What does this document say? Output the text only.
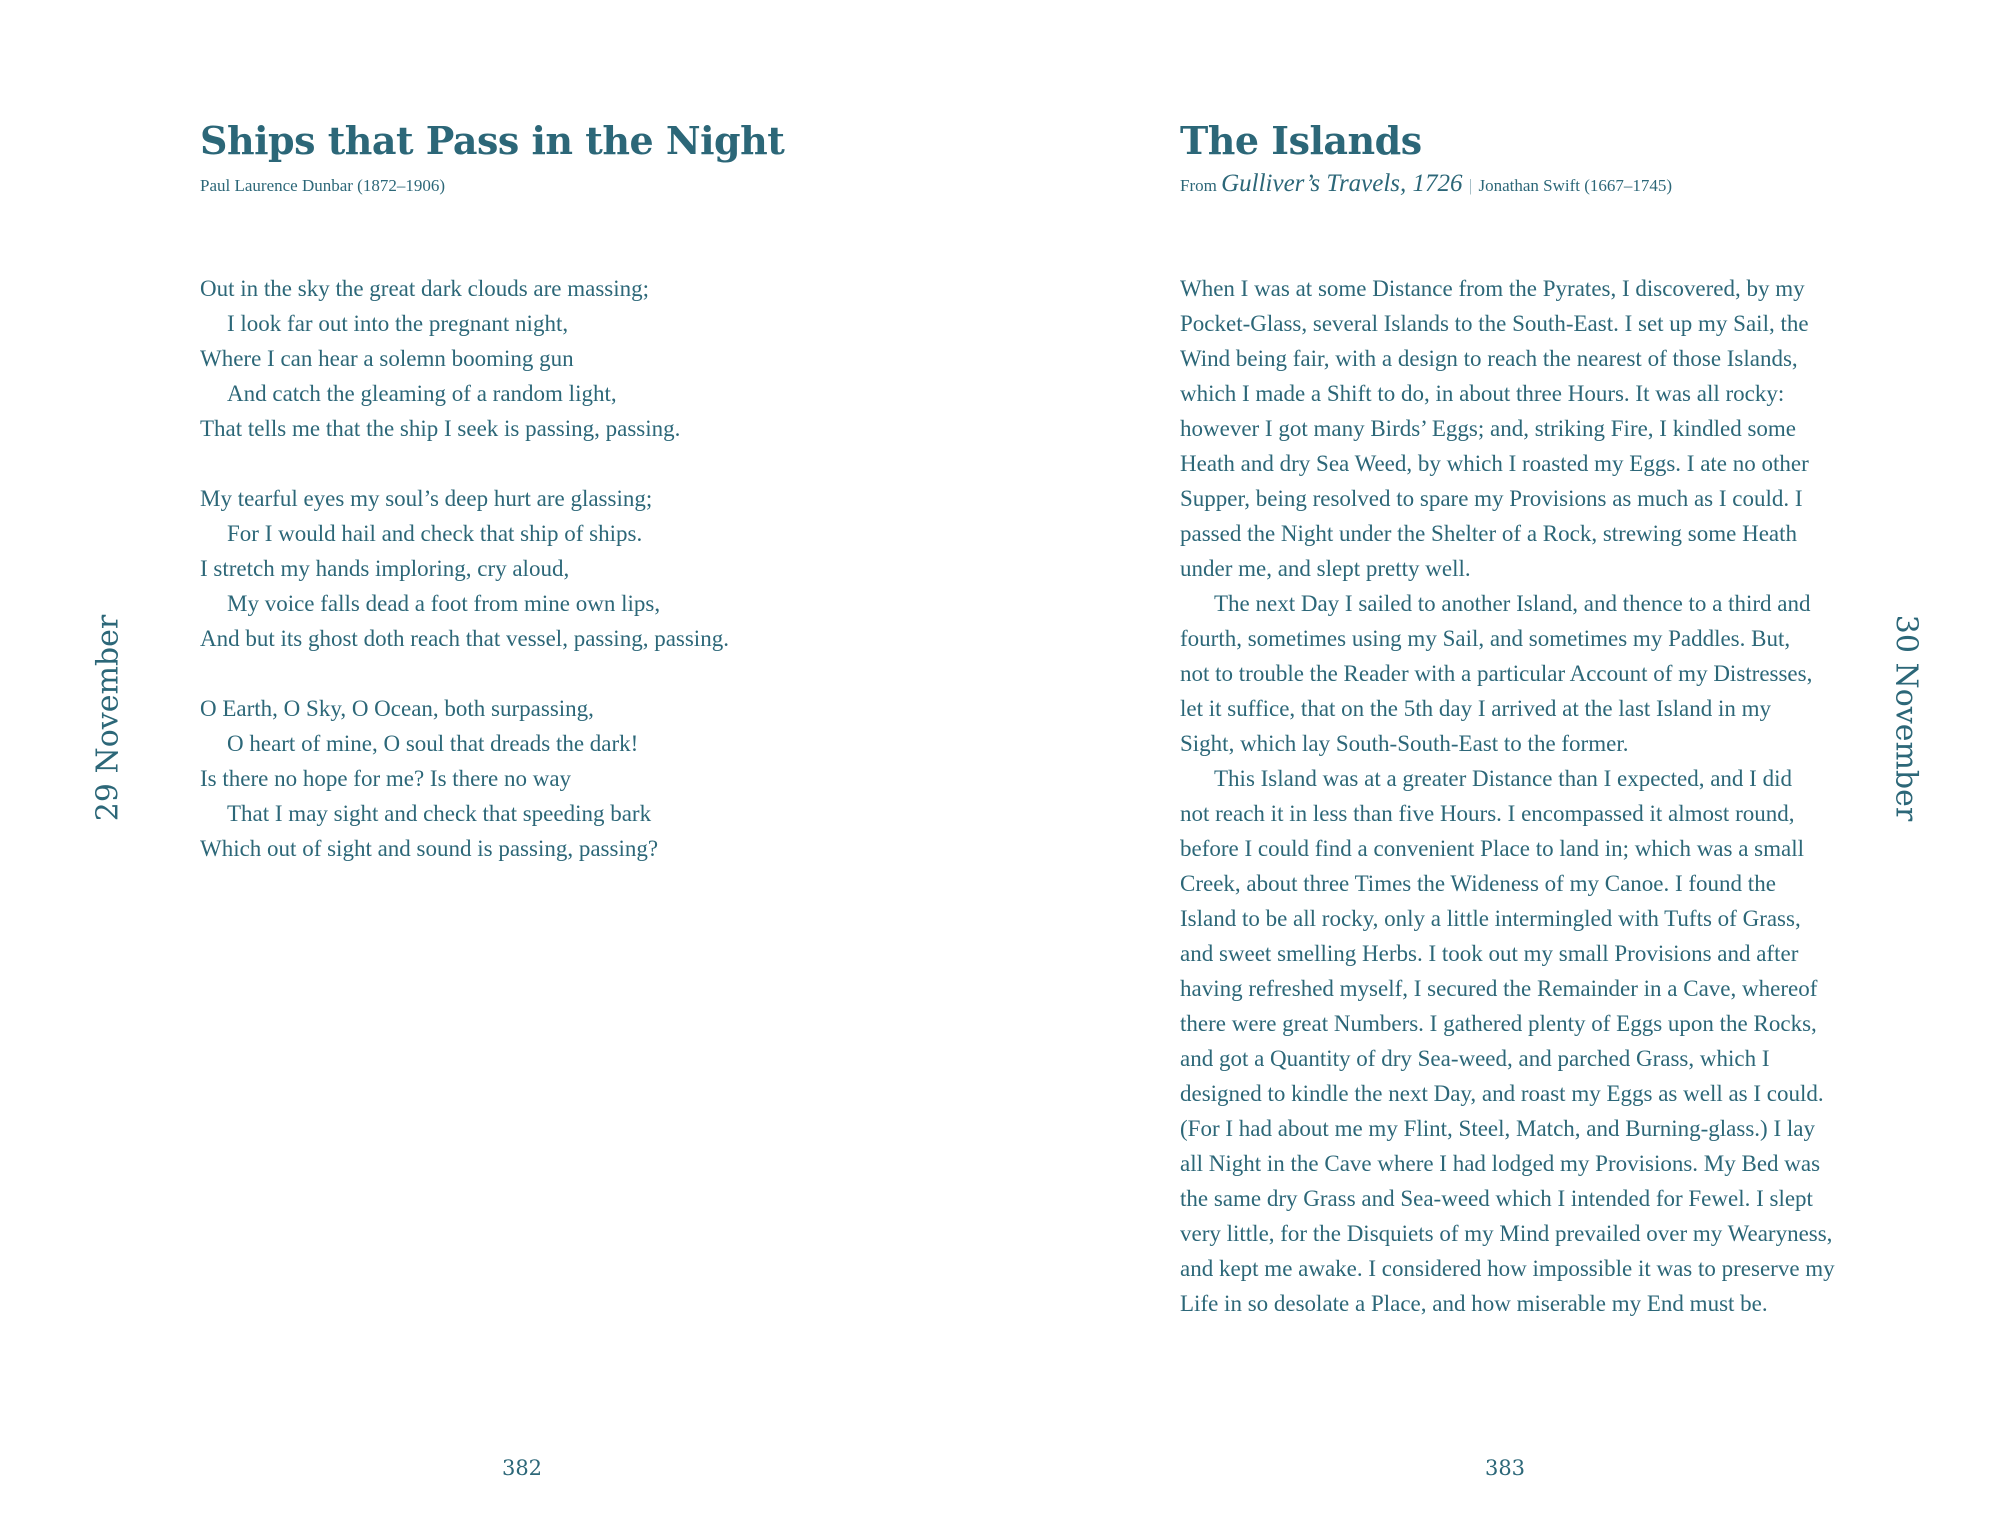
Ships that Pass in the Night

Paul Laurence Dunbar (1872–1906)

Out in the sky the great dark clouds are massing;
I look far out into the pregnant night,
Where I can hear a solemn booming gun
And catch the gleaming of a random light,
That tells me that the ship I seek is passing, passing.
My tearful eyes my soul’s deep hurt are glassing;
For I would hail and check that ship of ships.
I stretch my hands imploring, cry aloud,
My voice falls dead a foot from mine own lips,
And but its ghost doth reach that vessel, passing, passing.
O Earth, O Sky, O Ocean, both surpassing,
O heart of mine, O soul that dreads the dark!
Is there no hope for me? Is there no way
That I may sight and check that speeding bark
Which out of sight and sound is passing, passing?
29 November
382
The Islands

From Gulliver’s Travels, 1726 | Jonathan Swift (1667–1745)

When I was at some Distance from the Pyrates, I discovered, by my
Pocket-Glass, several Islands to the South-East. I set up my Sail, the
Wind being fair, with a design to reach the nearest of those Islands,
which I made a Shift to do, in about three Hours. It was all rocky:
however I got many Birds’ Eggs; and, striking Fire, I kindled some
Heath and dry Sea Weed, by which I roasted my Eggs. I ate no other
Supper, being resolved to spare my Provisions as much as I could. I
passed the Night under the Shelter of a Rock, strewing some Heath
under me, and slept pretty well.
The next Day I sailed to another Island, and thence to a third and
fourth, sometimes using my Sail, and sometimes my Paddles. But,
not to trouble the Reader with a particular Account of my Distresses,
let it suffice, that on the 5th day I arrived at the last Island in my
Sight, which lay South-South-East to the former.
This Island was at a greater Distance than I expected, and I did
not reach it in less than five Hours. I encompassed it almost round,
before I could find a convenient Place to land in; which was a small
Creek, about three Times the Wideness of my Canoe. I found the
Island to be all rocky, only a little intermingled with Tufts of Grass,
and sweet smelling Herbs. I took out my small Provisions and after
having refreshed myself, I secured the Remainder in a Cave, whereof
there were great Numbers. I gathered plenty of Eggs upon the Rocks,
and got a Quantity of dry Sea-weed, and parched Grass, which I
designed to kindle the next Day, and roast my Eggs as well as I could.
(For I had about me my Flint, Steel, Match, and Burning-glass.) I lay
all Night in the Cave where I had lodged my Provisions. My Bed was
the same dry Grass and Sea-weed which I intended for Fewel. I slept
very little, for the Disquiets of my Mind prevailed over my Wearyness,
and kept me awake. I considered how impossible it was to preserve my
Life in so desolate a Place, and how miserable my End must be.
383
30 November
